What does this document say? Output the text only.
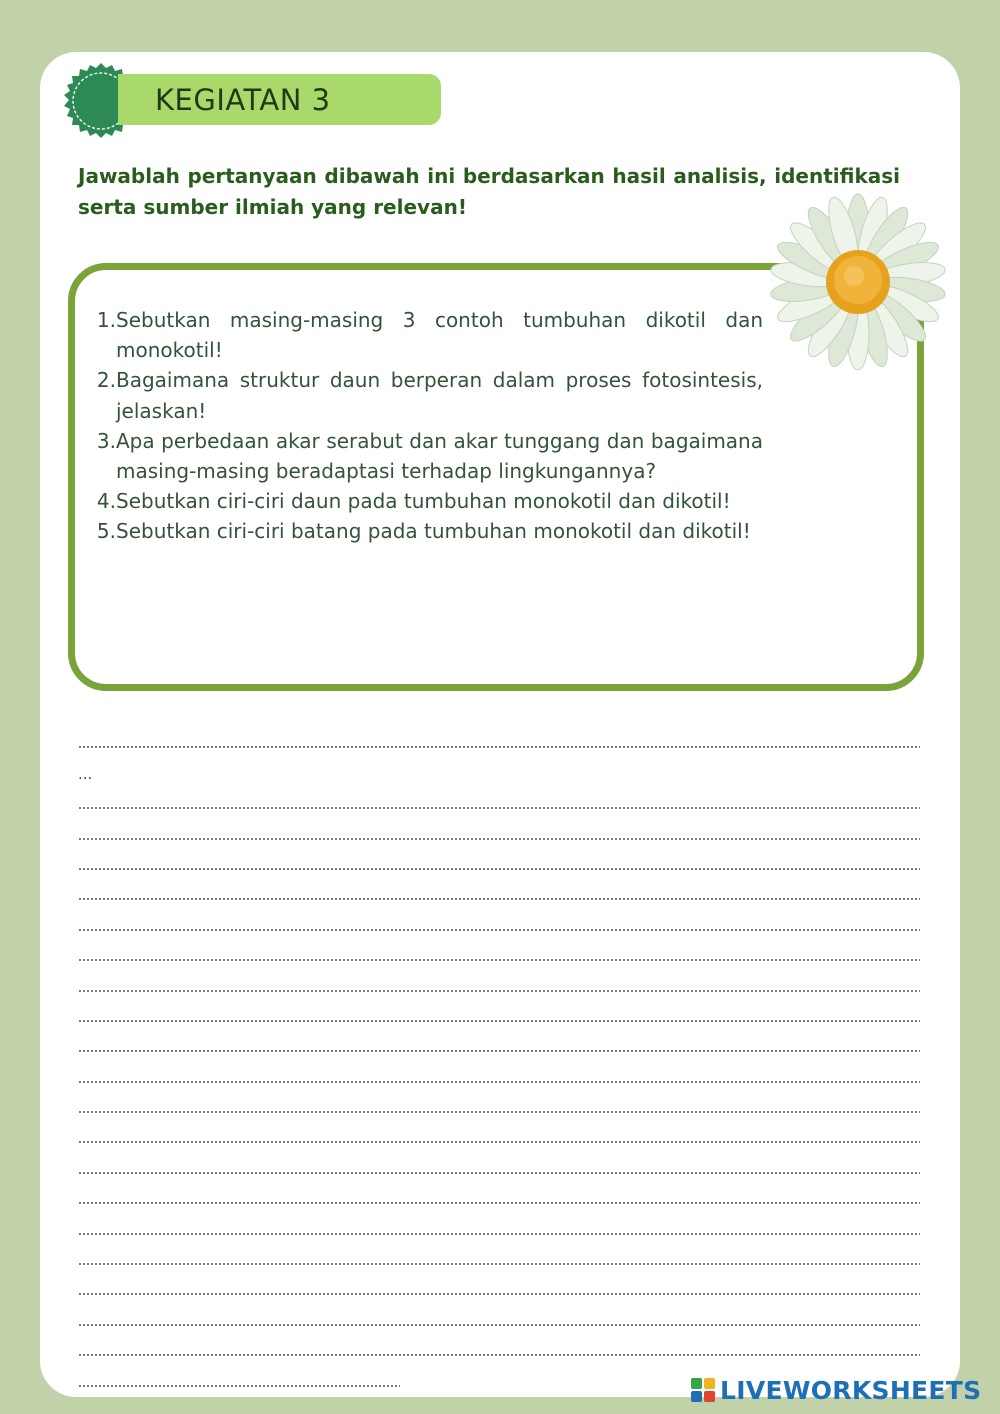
KEGIATAN 3

Jawablah pertanyaan dibawah ini berdasarkan hasil analisis, identifikasi serta sumber ilmiah yang relevan!

1. Sebutkan masing-masing 3 contoh tumbuhan dikotil dan monokotil!
2. Bagaimana struktur daun berperan dalam proses fotosintesis, jelaskan!
3. Apa perbedaan akar serabut dan akar tunggang dan bagaimana masing-masing beradaptasi terhadap lingkungannya?
4. Sebutkan ciri-ciri daun pada tumbuhan monokotil dan dikotil!
5. Sebutkan ciri-ciri batang pada tumbuhan monokotil dan dikotil!
...
LIVEWORKSHEETS
